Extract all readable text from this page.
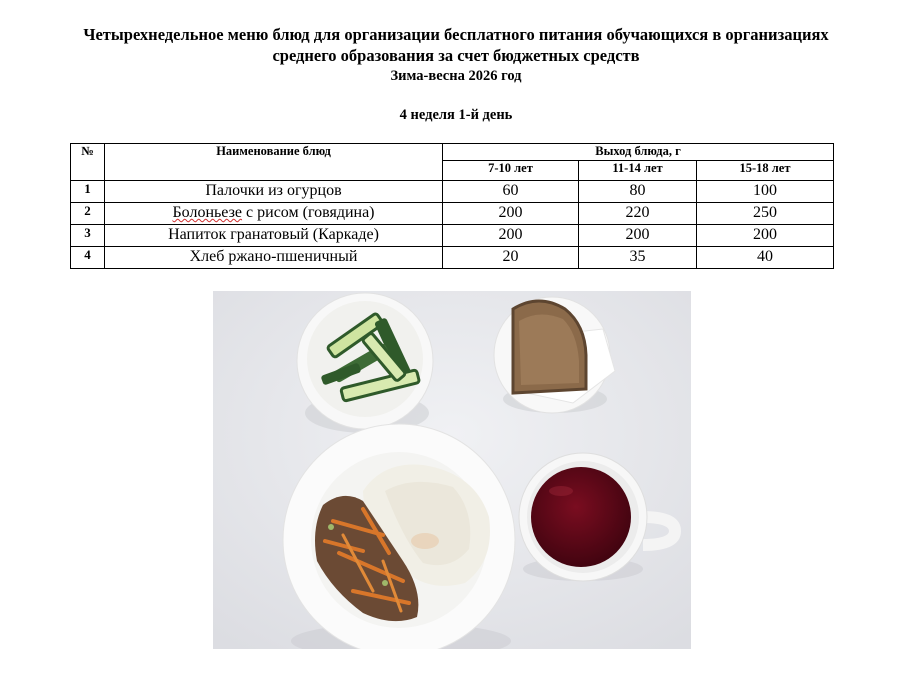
Четырехнедельное меню блюд для организации бесплатного питания обучающихся в организациях
среднего образования за счет бюджетных средств
Зима-весна 2026 год
4 неделя 1-й день
№	Наименование блюд	Выход блюда, г		
		7-10 лет	11-14 лет	15-18 лет
1	Палочки из огурцов	60	80	100
2	Болоньезе с рисом (говядина)	200	220	250
3	Напиток гранатовый (Каркаде)	200	200	200
4	Хлеб ржано-пшеничный	20	35	40
